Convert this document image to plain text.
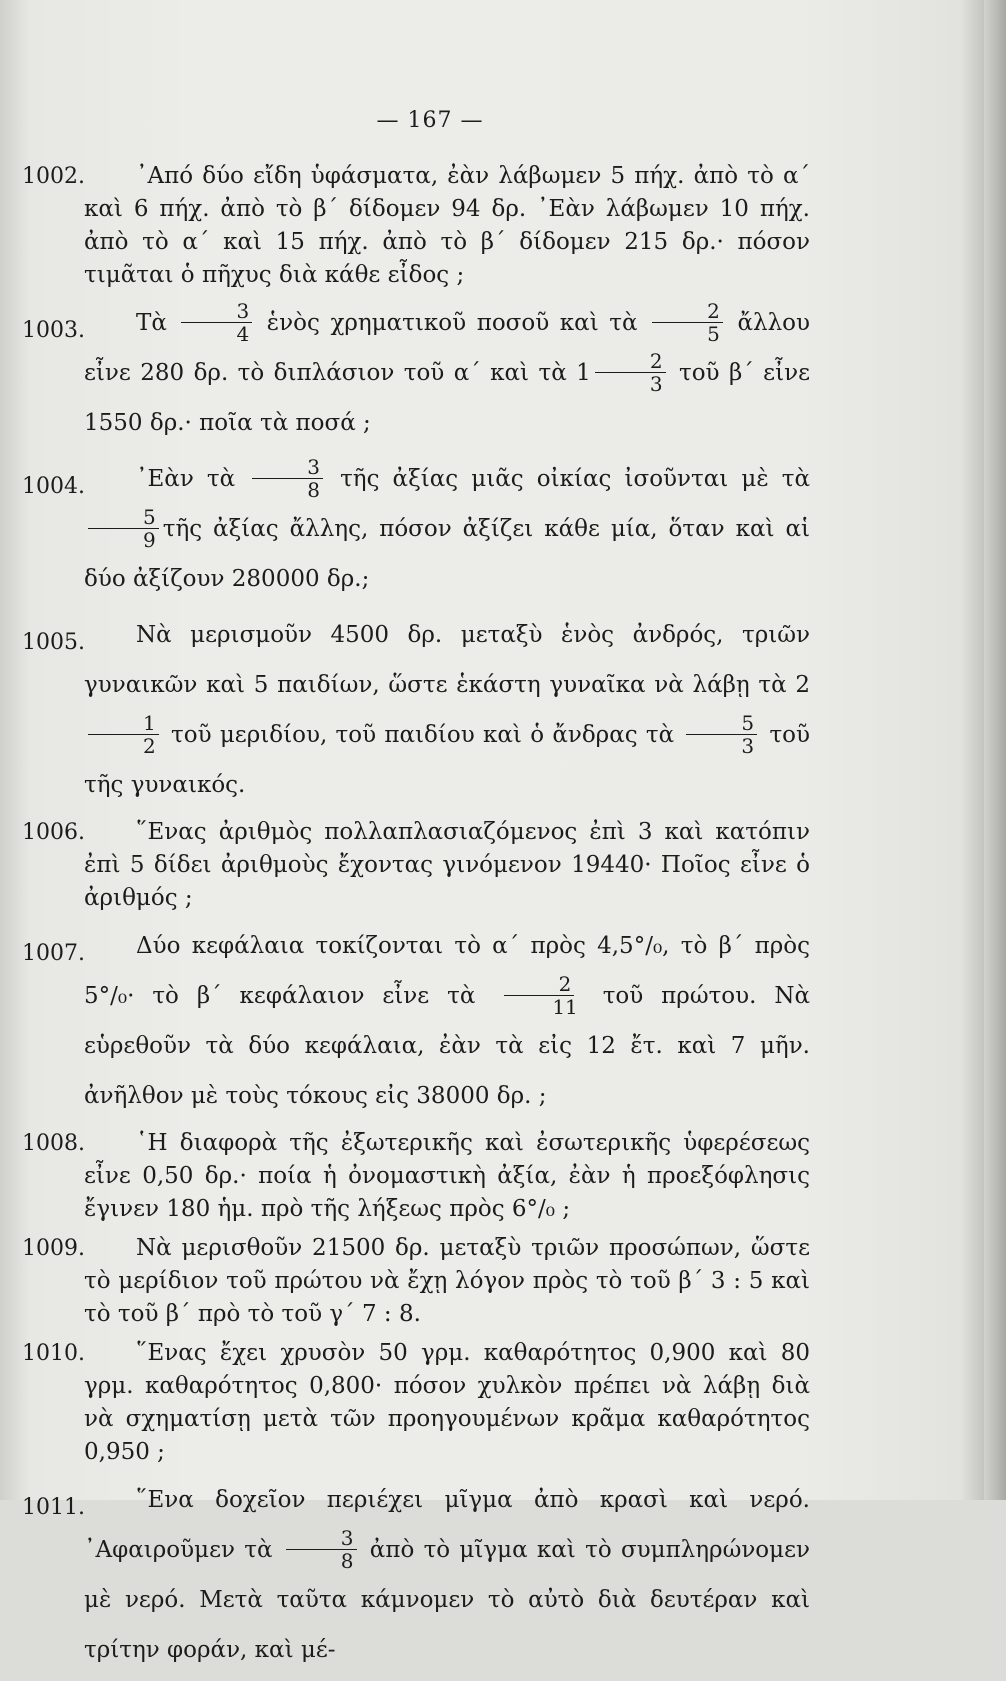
— 167 —
1002.	᾿Από δύο εἴδη ὑφάσματα, ἐὰν λάβωμεν 5 πήχ. ἀπὸ τὸ α΄ καὶ 6 πήχ. ἀπὸ τὸ β΄ δίδομεν 94 δρ. ᾿Εὰν λάβωμεν 10 πήχ. ἀπὸ τὸ α΄ καὶ 15 πήχ. ἀπὸ τὸ β΄ δίδομεν 215 δρ.· πόσον τιμᾶται ὁ πῆχυς διὰ κάθε εἶδος ;
1003.	Τὰ $\frac{3}{4}$ ἑνὸς χρηματικοῦ ποσοῦ καὶ τὰ $\frac{2}{5}$ ἄλλου εἶνε 280 δρ. τὸ διπλάσιον τοῦ α΄ καὶ τὰ $1 \frac{2}{3}$ τοῦ β΄ εἶνε 1550 δρ.· ποῖα τὰ ποσά ;
1004.	᾿Εὰν τὰ $\frac{3}{8}$ τῆς ἀξίας μιᾶς οἰκίας ἰσοῦνται μὲ τὰ
$\frac{5}{9}$ τῆς ἀξίας ἄλλης, πόσον ἀξίζει κάθε μία, ὅταν καὶ αἱ δύο ἀξίζουν 280000 δρ.;
1005.	Νὰ μερισμοῦν 4500 δρ. μεταξὺ ἑνὸς ἀνδρός, τριῶν γυναικῶν καὶ 5 παιδίων, ὥστε ἑκάστη γυναῖκα νὰ λάβῃ τὰ 2
$\frac{1}{2}$ τοῦ μεριδίου, τοῦ παιδίου καὶ ὁ ἄνδρας τὰ $\frac{5}{3}$ τοῦ τῆς γυναικός.
1006.	῞Ενας ἀριθμὸς πολλαπλασιαζόμενος ἐπὶ 3 καὶ κατόπιν ἐπὶ 5 δίδει ἀριθμοὺς ἔχοντας γινόμενον 19440· Ποῖος εἶνε ὁ ἀριθμός ;
1007.	Δύο κεφάλαια τοκίζονται τὸ α΄ πρὸς 4,5°/₀, τὸ β΄ πρὸς 5°/₀· τὸ β΄ κεφάλαιον εἶνε τὰ $\frac{2}{11}$ τοῦ πρώτου. Νὰ εὑρεθοῦν τὰ δύο κεφάλαια, ἐὰν τὰ εἰς 12 ἔτ. καὶ 7 μῆν. ἀνῆλθον μὲ τοὺς τόκους εἰς 38000 δρ. ;
1008.	῾Η διαφορὰ τῆς ἐξωτερικῆς καὶ ἐσωτερικῆς ὑφερέσεως εἶνε 0,50 δρ.· ποία ἡ ὀνομαστικὴ ἀξία, ἐὰν ἡ προεξόφλησις ἔγινεν 180 ἡμ. πρὸ τῆς λήξεως πρὸς 6°/₀ ;
1009.	Νὰ μερισθοῦν 21500 δρ. μεταξὺ τριῶν προσώπων, ὥστε τὸ μερίδιον τοῦ πρώτου νὰ ἔχῃ λόγον πρὸς τὸ τοῦ β΄ 3 : 5 καὶ τὸ τοῦ β΄ πρὸ τὸ τοῦ γ΄ 7 : 8.
1010.	῞Ενας ἔχει χρυσὸν 50 γρμ. καθαρότητος 0,900 καὶ 80 γρμ. καθαρότητος 0,800· πόσον χυλκὸν πρέπει νὰ λάβῃ διὰ νὰ σχηματίσῃ μετὰ τῶν προηγουμένων κρᾶμα καθαρότητος 0,950 ;
1011.	῞Ενα δοχεῖον περιέχει μῖγμα ἀπὸ κρασὶ καὶ νερό. ᾿Αφαιροῦμεν τὰ $\frac{3}{8}$ ἀπὸ τὸ μῖγμα καὶ τὸ συμπληρώνομεν μὲ νερό. Μετὰ ταῦτα κάμνομεν τὸ αὐτὸ διὰ δευτέραν καὶ τρίτην φοράν, καὶ μέ-
